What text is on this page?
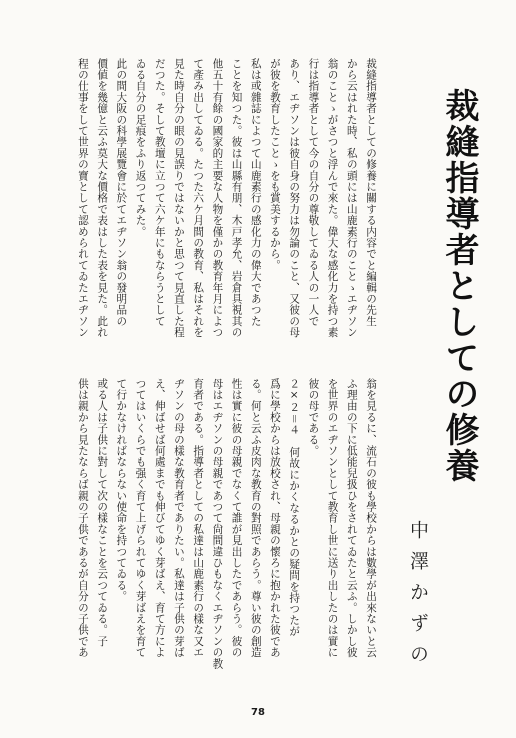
裁縫指導者としての修養
中澤かずの
裁縫指導者としての修養に關する内容でと編輯の先生
から云はれた時、私の頭には山鹿素行のことゝエヂソン
翁のことゝがさつと浮んで來た。偉大な感化力を持つ素
行は指導者として今の自分の尊敬してゐる人の一人で
あり、エヂソンは彼自身の努力は勿論のこと、又彼の母
が彼を教育したことゝをも賞美するから。
私は或雜誌によつて山鹿素行の感化力の偉大であつた
ことを知つた。彼は山縣有朋、木戸孝允、岩倉具視其の
他五十有餘の國家的主要な人物を僅かの教育年月によつ
て產み出してゐる。たつた六ケ月間の教育、私はそれを
見た時自分の眼の見誤りではないかと思つて見直した程
だつた。そして教壇に立つて六ケ年にもならうとして
ゐる自分の足痕をふり返つてみた。
此の間大阪の科學展覽會に於てエヂソン翁の發明品の
價値を幾億と云ふ莫大な價格で表はした表を見た。此れ
程の仕事をして世界の寶として認められてゐたエヂソン
翁を見るに、流石の彼も學校からは數學が出來ないと云
ふ理由の下に低能兒扱ひをされてゐたと云ふ。しかし彼
を世界のエヂソンとして教育し世に送り出したのは實に
彼の母である。
２×２＝４　何故にかくなるかとの疑問を持つたが
爲に學校からは放校され、母親の懷ろに抱かれた彼であ
る。何と云ふ皮肉な教育の對照であらう。尊い彼の創造
性は實に彼の母親でなくて誰が見出したであらう。彼の
母はエヂソンの母親であつて尙間違ひもなくエヂソンの教
育者である。指導者としての私達は山鹿素行の樣な又エ
ヂソンの母の樣な教育者でありたい。私達は子供の芽ば
え、伸ばせば何處までも伸びてゆく芽ばえ、育て方によ
つてはいくらでも强く育て上げられてゆく芽ばえを育て
て行かなければならない使命を持つてゐる。
或る人は子供に對して次の樣なことを云つてゐる。子
供は親から見たならば親の子供であるが自分の子供であ
78
